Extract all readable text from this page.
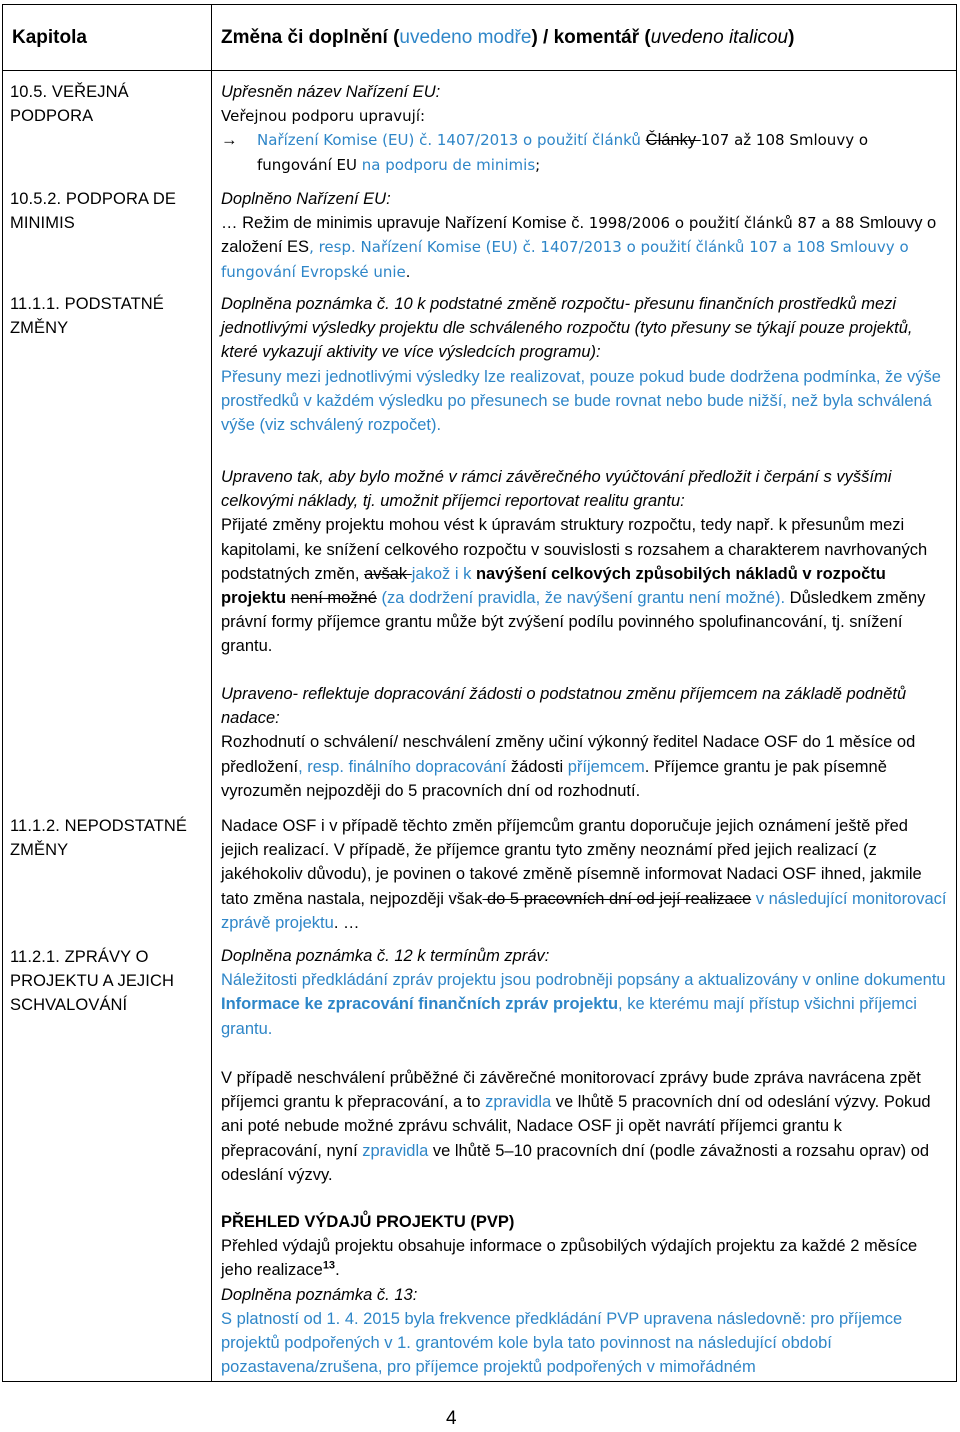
Kapitola	Změna či doplnění (uvedeno modře) / komentář (uvedeno italicou)
10.5. VEŘEJNÁ PODPORA
10.5.2. PODPORA DE MINIMIS
11.1.1. PODSTATNÉ ZMĚNY
11.1.2. NEPODSTATNÉ ZMĚNY
11.2.1. ZPRÁVY O PROJEKTU A JEJICH SCHVALOVÁNÍ

Upřesněn název Nařízení EU:

Veřejnou podporu upravují:

→ Nařízení Komise (EU) č. 1407/2013 o použití článků Články 107 až 108 Smlouvy o fungování EU na podporu de minimis;

Doplněno Nařízení EU:

… Režim de minimis upravuje Nařízení Komise č. 1998/2006 o použití článků 87 a 88 Smlouvy o založení ES, resp. Nařízení Komise (EU) č. 1407/2013 o použití článků 107 a 108 Smlouvy o fungování Evropské unie.

Doplněna poznámka č. 10 k podstatné změně rozpočtu- přesunu finančních prostředků mezi jednotlivými výsledky projektu dle schváleného rozpočtu (tyto přesuny se týkají pouze projektů, které vykazují aktivity ve více výsledcích programu):

Přesuny mezi jednotlivými výsledky lze realizovat, pouze pokud bude dodržena podmínka, že výše prostředků v každém výsledku po přesunech se bude rovnat nebo bude nižší, než byla schválená výše (viz schválený rozpočet).

Upraveno tak, aby bylo možné v rámci závěrečného vyúčtování předložit i čerpání s vyššími celkovými náklady, tj. umožnit příjemci reportovat realitu grantu:

Přijaté změny projektu mohou vést k úpravám struktury rozpočtu, tedy např. k přesunům mezi kapitolami, ke snížení celkového rozpočtu v souvislosti s rozsahem a charakterem navrhovaných podstatných změn, avšak jakož i k navýšení celkových způsobilých nákladů v rozpočtu projektu není možné (za dodržení pravidla, že navýšení grantu není možné). Důsledkem změny právní formy příjemce grantu může být zvýšení podílu povinného spolufinancování, tj. snížení grantu.

Upraveno- reflektuje dopracování žádosti o podstatnou změnu příjemcem na základě podnětů nadace:

Rozhodnutí o schválení/ neschválení změny učiní výkonný ředitel Nadace OSF do 1 měsíce od předložení, resp. finálního dopracování žádosti příjemcem. Příjemce grantu je pak písemně vyrozuměn nejpozději do 5 pracovních dní od rozhodnutí.

Nadace OSF i v případě těchto změn příjemcům grantu doporučuje jejich oznámení ještě před jejich realizací. V případě, že příjemce grantu tyto změny neoznámí před jejich realizací (z jakéhokoliv důvodu), je povinen o takové změně písemně informovat Nadaci OSF ihned, jakmile tato změna nastala, nejpozději však do 5 pracovních dní od její realizace v následující monitorovací zprávě projektu. …

Doplněna poznámka č. 12 k termínům zpráv:

Náležitosti předkládání zpráv projektu jsou podrobněji popsány a aktualizovány v online dokumentu Informace ke zpracování finančních zpráv projektu, ke kterému mají přístup všichni příjemci grantu.

V případě neschválení průběžné či závěrečné monitorovací zprávy bude zpráva navrácena zpět příjemci grantu k přepracování, a to zpravidla ve lhůtě 5 pracovních dní od odeslání výzvy. Pokud ani poté nebude možné zprávu schválit, Nadace OSF ji opět navrátí příjemci grantu k přepracování, nyní zpravidla ve lhůtě 5–10 pracovních dní (podle závažnosti a rozsahu oprav) od odeslání výzvy.

PŘEHLED VÝDAJŮ PROJEKTU (PVP)

Přehled výdajů projektu obsahuje informace o způsobilých výdajích projektu za každé 2 měsíce jeho realizace$^{13}$.

Doplněna poznámka č. 13:

S platností od 1. 4. 2015 byla frekvence předkládání PVP upravena následovně: pro příjemce projektů podpořených v 1. grantovém kole byla tato povinnost na následující období pozastavena/zrušena, pro příjemce projektů podpořených v mimořádném

4
